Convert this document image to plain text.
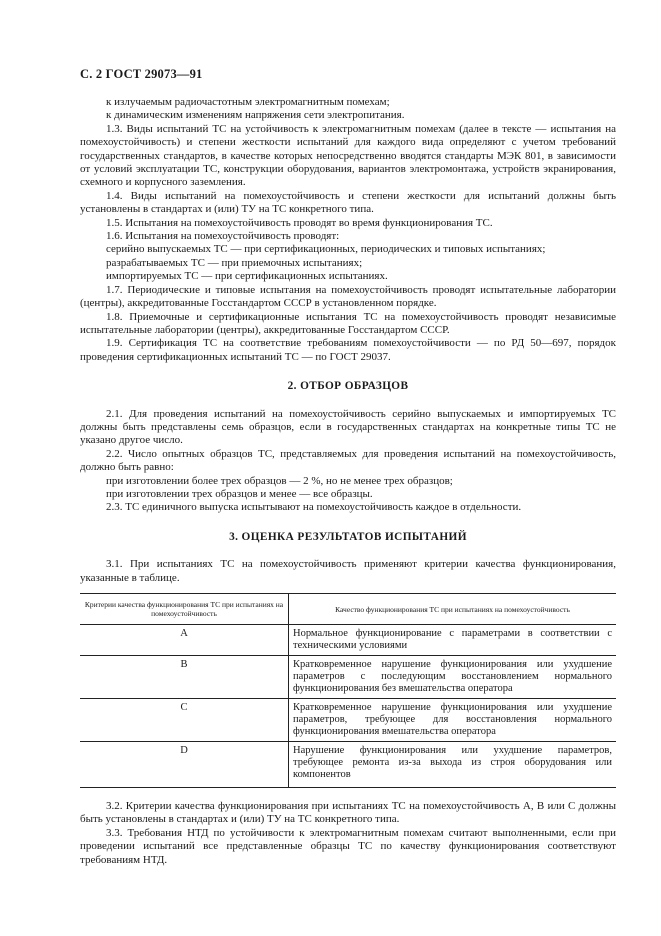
С. 2 ГОСТ 29073—91

к излучаемым радиочастотным электромагнитным помехам;

к динамическим изменениям напряжения сети электропитания.

1.3. Виды испытаний ТС на устойчивость к электромагнитным помехам (далее в тексте — испытания на помехоустойчивость) и степени жесткости испытаний для каждого вида определяют с учетом требований государственных стандартов, в качестве которых непосредственно вводятся стандарты МЭК 801, в зависимости от условий эксплуатации ТС, конструкции оборудования, вариантов электромонтажа, устройств экранирования, схемного и корпусного заземления.

1.4. Виды испытаний на помехоустойчивость и степени жесткости для испытаний должны быть установлены в стандартах и (или) ТУ на ТС конкретного типа.

1.5. Испытания на помехоустойчивость проводят во время функционирования ТС.

1.6. Испытания на помехоустойчивость проводят:

серийно выпускаемых ТС — при сертификационных, периодических и типовых испытаниях;

разрабатываемых ТС — при приемочных испытаниях;

импортируемых ТС — при сертификационных испытаниях.

1.7. Периодические и типовые испытания на помехоустойчивость проводят испытательные лаборатории (центры), аккредитованные Госстандартом СССР в установленном порядке.

1.8. Приемочные и сертификационные испытания ТС на помехоустойчивость проводят независимые испытательные лаборатории (центры), аккредитованные Госстандартом СССР.

1.9. Сертификация ТС на соответствие требованиям помехоустойчивости — по РД 50—697, порядок проведения сертификационных испытаний ТС — по ГОСТ 29037.

2. ОТБОР ОБРАЗЦОВ

2.1. Для проведения испытаний на помехоустойчивость серийно выпускаемых и импортируемых ТС должны быть представлены семь образцов, если в государственных стандартах на конкретные типы ТС не указано другое число.

2.2. Число опытных образцов ТС, представляемых для проведения испытаний на помехоустойчивость, должно быть равно:

при изготовлении более трех образцов — 2 %, но не менее трех образцов;

при изготовлении трех образцов и менее — все образцы.

2.3. ТС единичного выпуска испытывают на помехоустойчивость каждое в отдельности.

3. ОЦЕНКА РЕЗУЛЬТАТОВ ИСПЫТАНИЙ

3.1. При испытаниях ТС на помехоустойчивость применяют критерии качества функционирования, указанные в таблице.

Критерии качества функционирования ТС при испытаниях на помехоустойчивость	Качество функционирования ТС при испытаниях на помехоустойчивость
А	Нормальное функционирование с параметрами в соответствии с техническими условиями
В	Кратковременное нарушение функционирования или ухудшение параметров с последующим восстановлением нормального функционирования без вмешательства оператора
С	Кратковременное нарушение функционирования или ухудшение параметров, требующее для восстановления нормального функционирования вмешательства оператора
D	Нарушение функционирования или ухудшение параметров, требующее ремонта из-за выхода из строя оборудования или компонентов

3.2. Критерии качества функционирования при испытаниях ТС на помехоустойчивость А, В или С должны быть установлены в стандартах и (или) ТУ на ТС конкретного типа.

3.3. Требования НТД по устойчивости к электромагнитным помехам считают выполненными, если при проведении испытаний все представленные образцы ТС по качеству функционирования соответствуют требованиям НТД.
